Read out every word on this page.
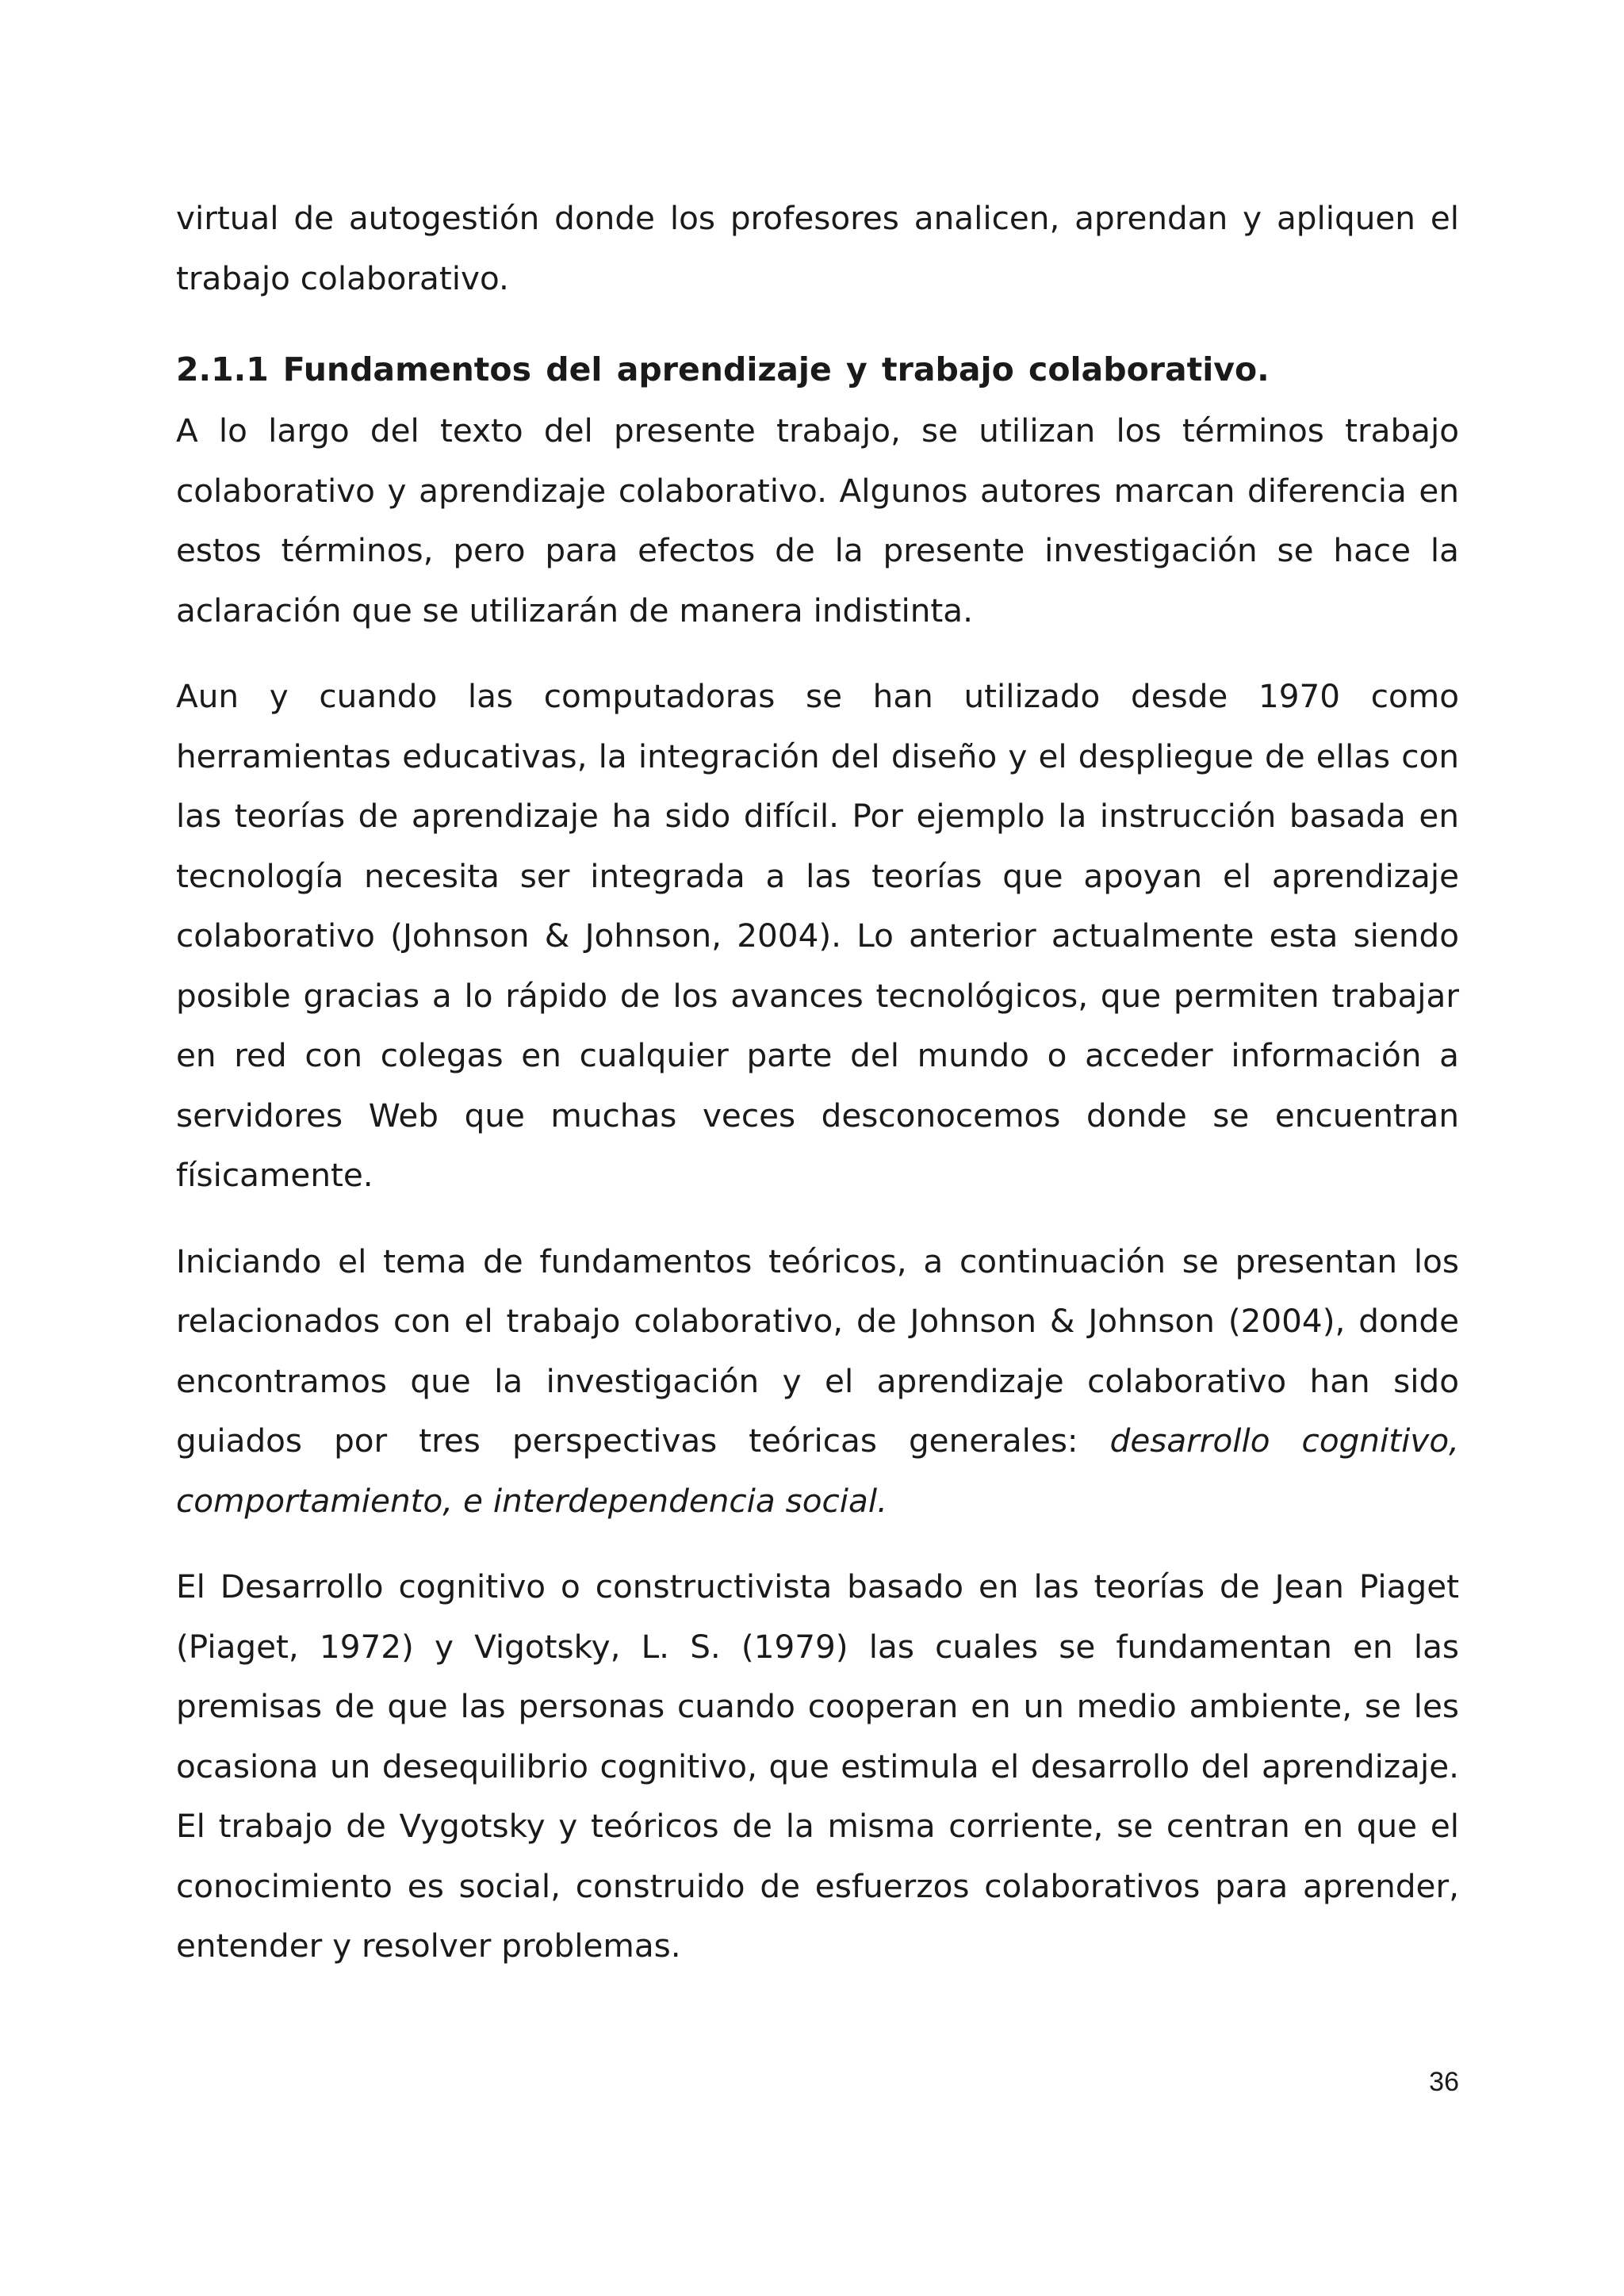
virtual de autogestión donde los profesores analicen, aprendan y apliquen el trabajo colaborativo.

2.1.1 Fundamentos del aprendizaje y trabajo colaborativo.

A lo largo del texto del presente trabajo, se utilizan los términos trabajo colaborativo y aprendizaje colaborativo. Algunos autores marcan diferencia en estos términos, pero para efectos de la presente investigación se hace la aclaración que se utilizarán de manera indistinta.

Aun y cuando las computadoras se han utilizado desde 1970 como herramientas educativas, la integración del diseño y el despliegue de ellas con las teorías de aprendizaje ha sido difícil. Por ejemplo la instrucción basada en tecnología necesita ser integrada a las teorías que apoyan el aprendizaje colaborativo (Johnson & Johnson, 2004). Lo anterior actualmente esta siendo posible gracias a lo rápido de los avances tecnológicos, que permiten trabajar en red con colegas en cualquier parte del mundo o acceder información a servidores Web que muchas veces desconocemos donde se encuentran físicamente.

Iniciando el tema de fundamentos teóricos, a continuación se presentan los relacionados con el trabajo colaborativo, de Johnson & Johnson (2004), donde encontramos que la investigación y el aprendizaje colaborativo han sido guiados por tres perspectivas teóricas generales: desarrollo cognitivo, comportamiento, e interdependencia social.

El Desarrollo cognitivo o constructivista basado en las teorías de Jean Piaget (Piaget, 1972) y Vigotsky, L. S. (1979) las cuales se fundamentan en las premisas de que las personas cuando cooperan en un medio ambiente, se les ocasiona un desequilibrio cognitivo, que estimula el desarrollo del aprendizaje. El trabajo de Vygotsky y teóricos de la misma corriente, se centran en que el conocimiento es social, construido de esfuerzos colaborativos para aprender, entender y resolver problemas.

36
